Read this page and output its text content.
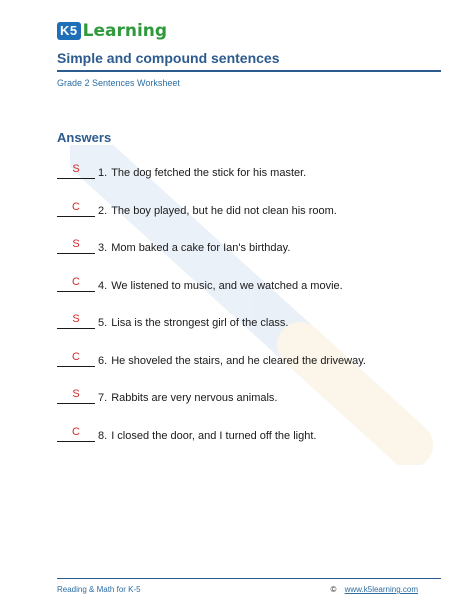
K5 Learning
Simple and compound sentences
Grade 2 Sentences Worksheet
Answers
S	1. The dog fetched the stick for his master.
C	2. The boy played, but he did not clean his room.
S	3. Mom baked a cake for Ian's birthday.
C	4. We listened to music, and we watched a movie.
S	5. Lisa is the strongest girl of the class.
C	6. He shoveled the stairs, and he cleared the driveway.
S	7. Rabbits are very nervous animals.
C	8. I closed the door, and I turned off the light.
Reading & Math for K-5	© www.k5learning.com
